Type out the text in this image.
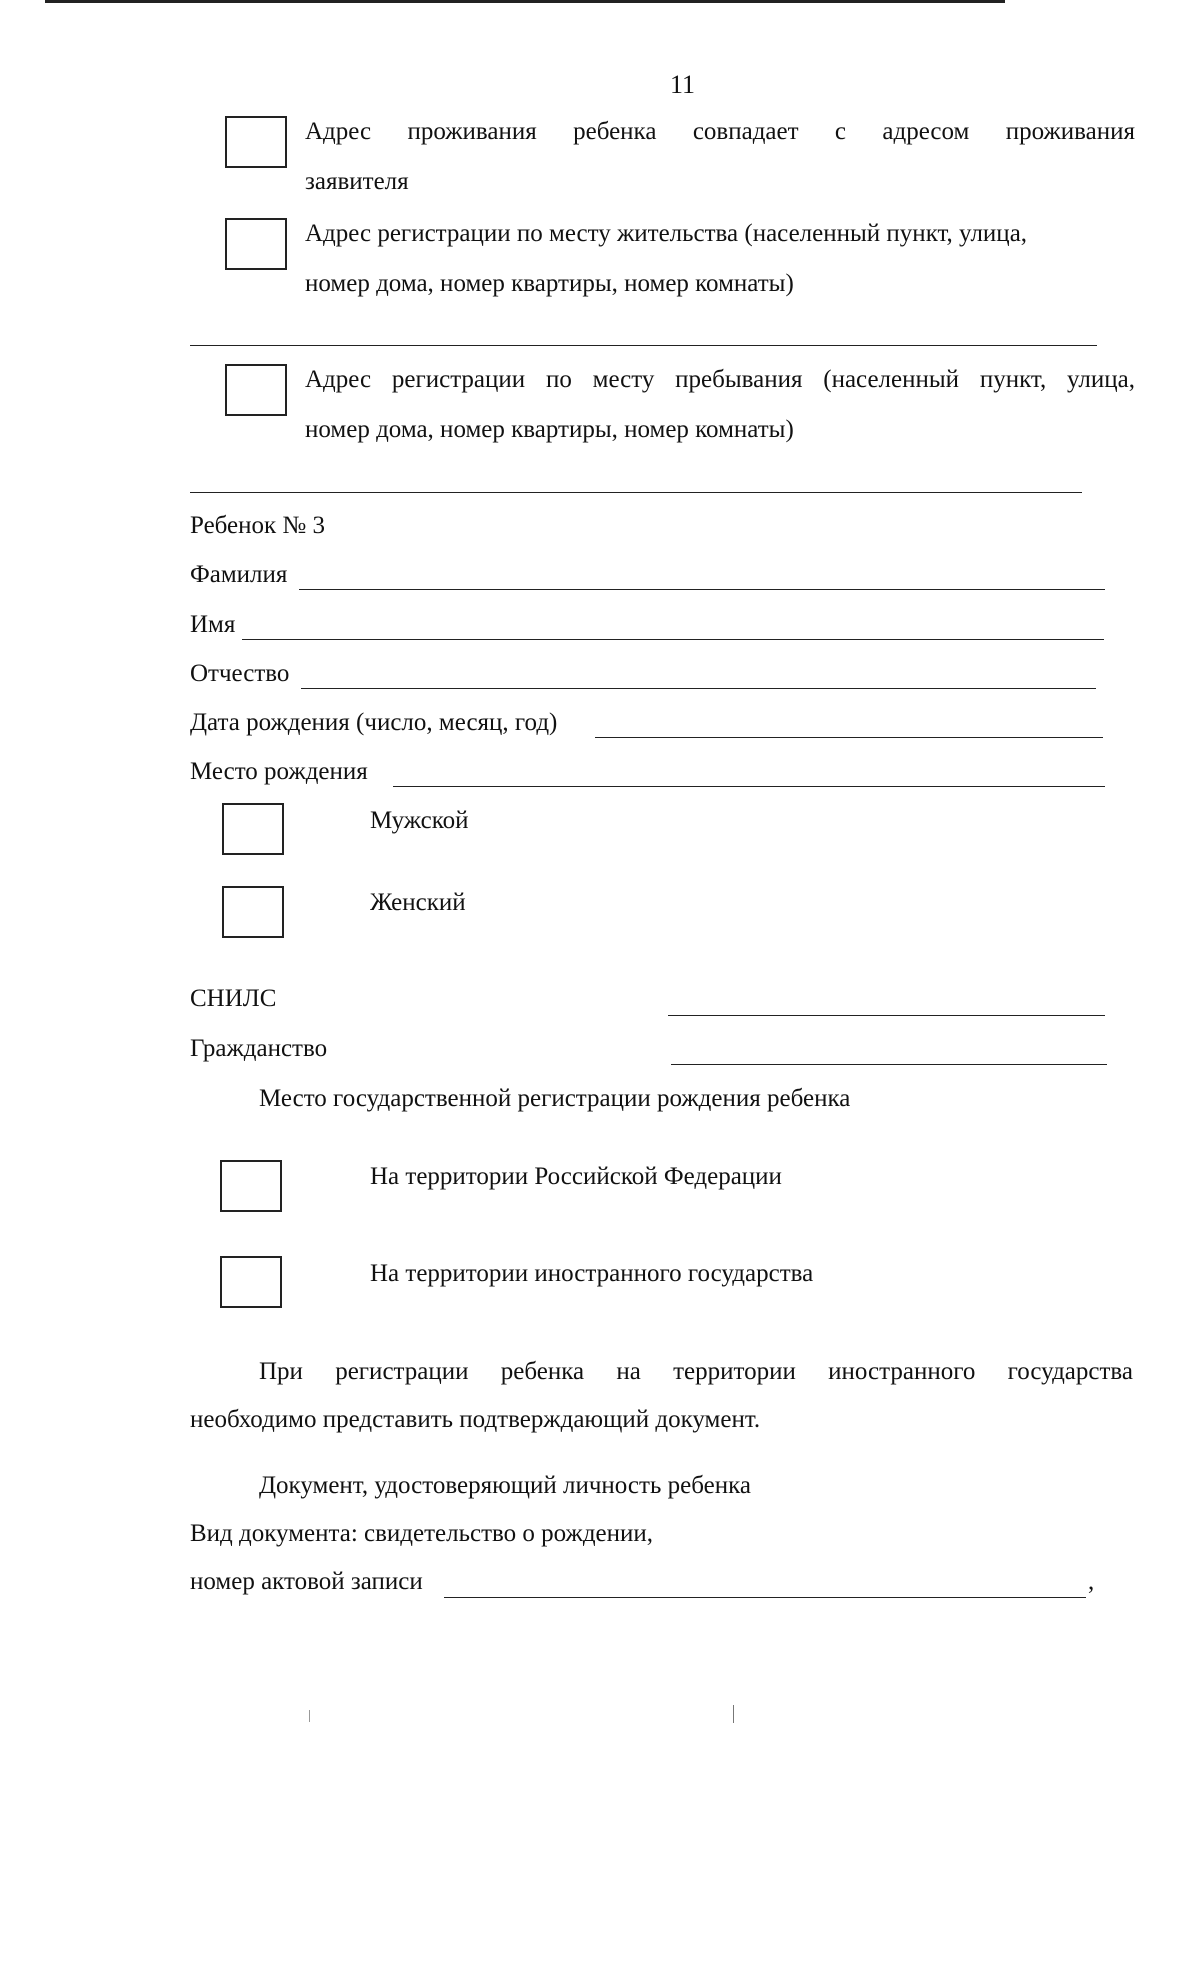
11
Адрес проживания ребенка совпадает с адресом проживания
заявителя
Адрес регистрации по месту жительства (населенный пункт, улица,
номер дома, номер квартиры, номер комнаты)
Адрес регистрации по месту пребывания (населенный пункт, улица,
номер дома, номер квартиры, номер комнаты)
Ребенок № 3
Фамилия
Имя
Отчество
Дата рождения (число, месяц, год)
Место рождения
Мужской
Женский
СНИЛС
Гражданство
Место государственной регистрации рождения ребенка
На территории Российской Федерации
На территории иностранного государства
При регистрации ребенка на территории иностранного государства
необходимо представить подтверждающий документ.
Документ, удостоверяющий личность ребенка
Вид документа: свидетельство о рождении,
номер актовой записи	,
